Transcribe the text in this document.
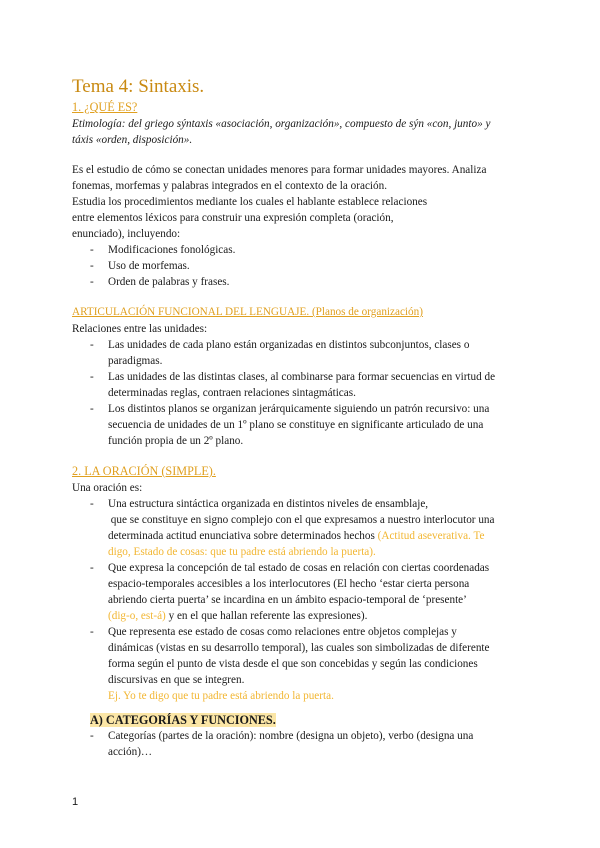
Tema 4: Sintaxis.
1. ¿QUÉ ES?
Etimología: del griego sýntaxis «asociación, organización», compuesto de sýn «con, junto» y
táxis «orden, disposición».
Es el estudio de cómo se conectan unidades menores para formar unidades mayores. Analiza
fonemas, morfemas y palabras integrados en el contexto de la oración.
Estudia los procedimientos mediante los cuales el hablante establece relaciones
entre elementos léxicos para construir una expresión completa (oración,
enunciado), incluyendo:
- Modificaciones fonológicas.
- Uso de morfemas.
- Orden de palabras y frases.
ARTICULACIÓN FUNCIONAL DEL LENGUAJE. (Planos de organización)
Relaciones entre las unidades:
- Las unidades de cada plano están organizadas en distintos subconjuntos, clases o
paradigmas.
- Las unidades de las distintas clases, al combinarse para formar secuencias en virtud de
determinadas reglas, contraen relaciones sintagmáticas.
- Los distintos planos se organizan jerárquicamente siguiendo un patrón recursivo: una
secuencia de unidades de un 1º plano se constituye en significante articulado de una
función propia de un 2º plano.
2. LA ORACIÓN (SIMPLE).
Una oración es:
- Una estructura sintáctica organizada en distintos niveles de ensamblaje,
que se constituye en signo complejo con el que expresamos a nuestro interlocutor una
determinada actitud enunciativa sobre determinados hechos (Actitud aseverativa. Te
digo, Estado de cosas: que tu padre está abriendo la puerta).
- Que expresa la concepción de tal estado de cosas en relación con ciertas coordenadas
espacio-temporales accesibles a los interlocutores (El hecho ‘estar cierta persona
abriendo cierta puerta’ se incardina en un ámbito espacio-temporal de ‘presente’
(dig-o, est-á) y en el que hallan referente las expresiones).
- Que representa ese estado de cosas como relaciones entre objetos complejas y
dinámicas (vistas en su desarrollo temporal), las cuales son simbolizadas de diferente
forma según el punto de vista desde el que son concebidas y según las condiciones
discursivas en que se integren.
Ej. Yo te digo que tu padre está abriendo la puerta.
A) CATEGORÍAS Y FUNCIONES.
- Categorías (partes de la oración): nombre (designa un objeto), verbo (designa una
acción)…
1
